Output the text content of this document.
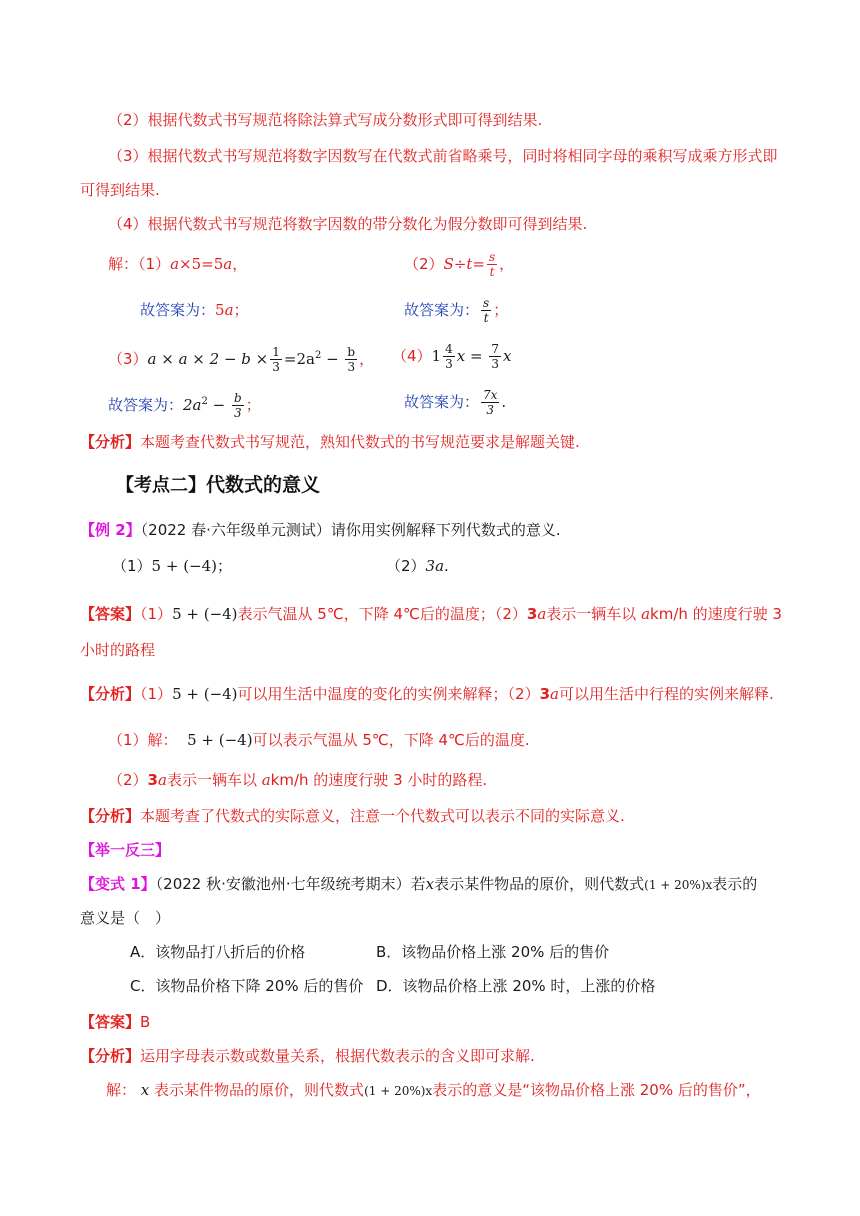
（2）根据代数式书写规范将除法算式写成分数形式即可得到结果.
（3）根据代数式书写规范将数字因数写在代数式前省略乘号，同时将相同字母的乘积写成乘方形式即
可得到结果.
（4）根据代数式书写规范将数字因数的带分数化为假分数即可得到结果.
解：（1）a×5=5a，	$(2)S\div t= \frac{s}{t}$ ，
故答案为：5a；	故答案为： $\frac{s}{t}$ ；
$(3)a \times a \times 2 - b \times \frac{1}{3} =2a^2 - \frac{b}{3}$ ， $(4)1 \frac{4}{3}$ $x = \frac{7}{3}$ x
故答案为：$2a^2 - \frac{b}{3}$ ；	故答案为： $\frac{7x}{3}$ .
【分析】本题考查代数式书写规范，熟知代数式的书写规范要求是解题关键.
【考点二】代数式的意义
【例 2】（2022 春·六年级单元测试）请你用实例解释下列代数式的意义.
（1）5 + (−4)；	（2）3a.
【答案】（1）5 + (−4)表示气温从 5℃，下降 4℃后的温度；（2）3a表示一辆车以 akm/h 的速度行驶 3
小时的路程
【分析】（1）5 + (−4)可以用生活中温度的变化的实例来解释；（2）3a可以用生活中行程的实例来解释.
（1）解： 5 + (−4)可以表示气温从 5℃，下降 4℃后的温度.
（2）3a表示一辆车以 akm/h 的速度行驶 3 小时的路程.
【分析】本题考查了代数式的实际意义，注意一个代数式可以表示不同的实际意义.
【举一反三】
【变式 1】（2022 秋·安徽池州·七年级统考期末）若x表示某件物品的原价，则代数式(1 + 20%)x表示的
意义是（　）
A．该物品打八折后的价格	B．该物品价格上涨 20% 后的售价
C．该物品价格下降 20% 后的售价 D．该物品价格上涨 20% 时，上涨的价格
【答案】B
【分析】运用字母表示数或数量关系，根据代数表示的含义即可求解.
解： x 表示某件物品的原价，则代数式(1 + 20%)x表示的意义是“该物品价格上涨 20% 后的售价”，
